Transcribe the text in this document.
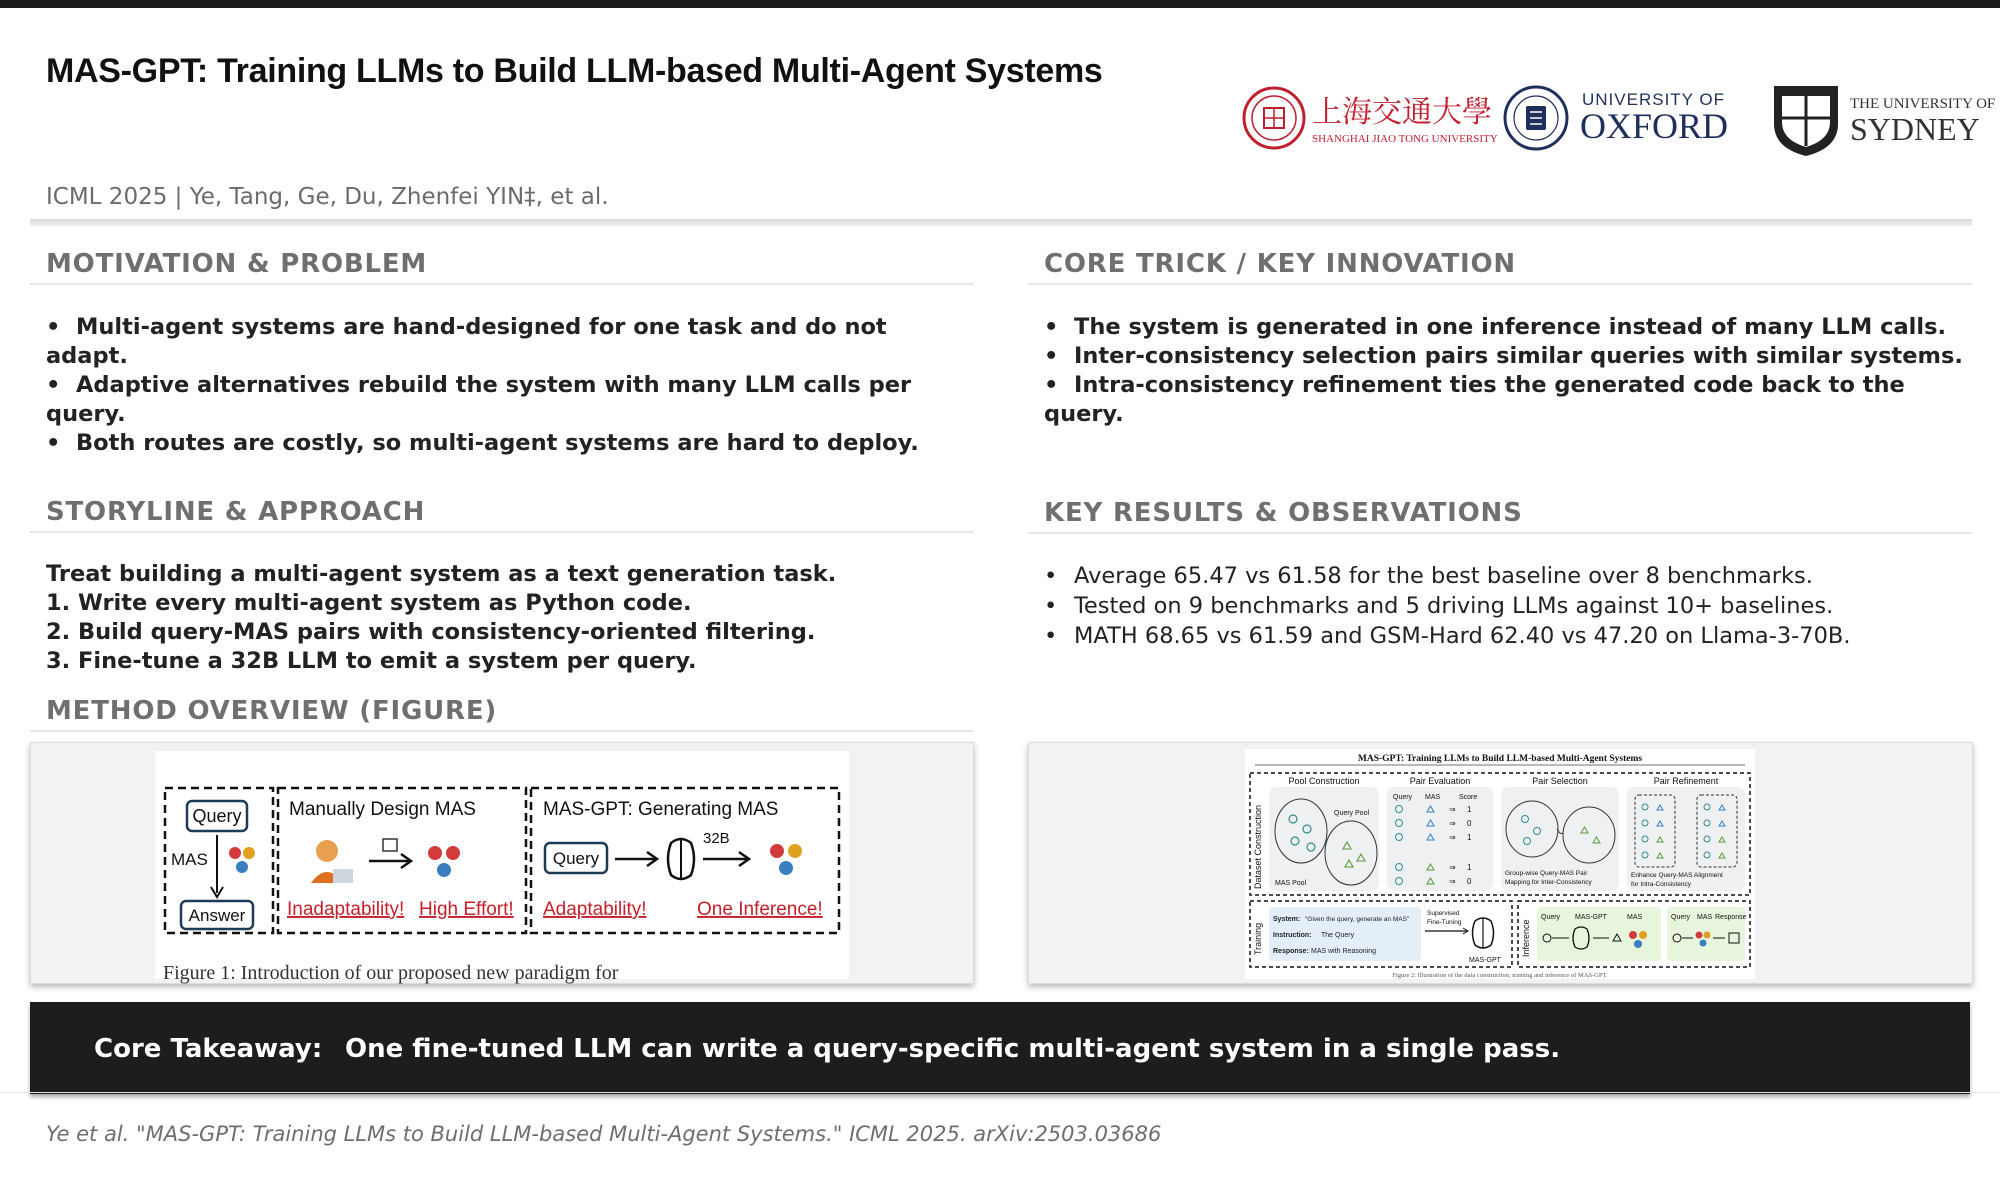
MAS-GPT: Training LLMs to Build LLM-based Multi-Agent Systems
上海交通大學
SHANGHAI JIAO TONG UNIVERSITY
UNIVERSITY OF
OXFORD
THE UNIVERSITY OF
SYDNEY
ICML 2025 | Ye, Tang, Ge, Du, Zhenfei YIN‡, et al.
MOTIVATION & PROBLEM
• Multi-agent systems are hand-designed for one task and do not adapt.
• Adaptive alternatives rebuild the system with many LLM calls per query.
• Both routes are costly, so multi-agent systems are hard to deploy.
CORE TRICK / KEY INNOVATION
• The system is generated in one inference instead of many LLM calls.
• Inter-consistency selection pairs similar queries with similar systems.
• Intra-consistency refinement ties the generated code back to the query.
STORYLINE & APPROACH
Treat building a multi-agent system as a text generation task.
1. Write every multi-agent system as Python code.
2. Build query-MAS pairs with consistency-oriented filtering.
3. Fine-tune a 32B LLM to emit a system per query.
KEY RESULTS & OBSERVATIONS
• Average 65.47 vs 61.58 for the best baseline over 8 benchmarks.
• Tested on 9 benchmarks and 5 driving LLMs against 10+ baselines.
• MATH 68.65 vs 61.59 and GSM-Hard 62.40 vs 47.20 on Llama-3-70B.
METHOD OVERVIEW (FIGURE)
Query
MAS
Answer
Manually Design MAS
Inadaptability! High Effort!
MAS-GPT: Generating MAS
Query
32B
Adaptability!	One Inference!
Figure 1: Introduction of our proposed new paradigm for
MAS-GPT: Training LLMs to Build LLM-based Multi-Agent Systems
Dataset Construction
Pool Construction
Query Pool
MAS Pool
Pair Evaluation
Query MAS	Score
⇒ 1
⇒ 0
⇒ 1
⇒ 1
⇒ 0
Pair Selection
Group-wise Query-MAS Pair
Mapping for Inter-Consistency
Pair Refinement
Enhance Query-MAS Alignment
for Intra-Consistency
Training
System: "Given the query, generate an MAS"
Instruction: The Query
Response: MAS with Reasoning
Supervised
Fine-Tuning
MAS-GPT
Inference
Query MAS-GPT	MAS	Query MAS Response
Figure 2: Illustration of the data construction, training and inference of MAS-GPT.
Core Takeaway: One fine-tuned LLM can write a query-specific multi-agent system in a single pass.
Ye et al. "MAS-GPT: Training LLMs to Build LLM-based Multi-Agent Systems." ICML 2025. arXiv:2503.03686
